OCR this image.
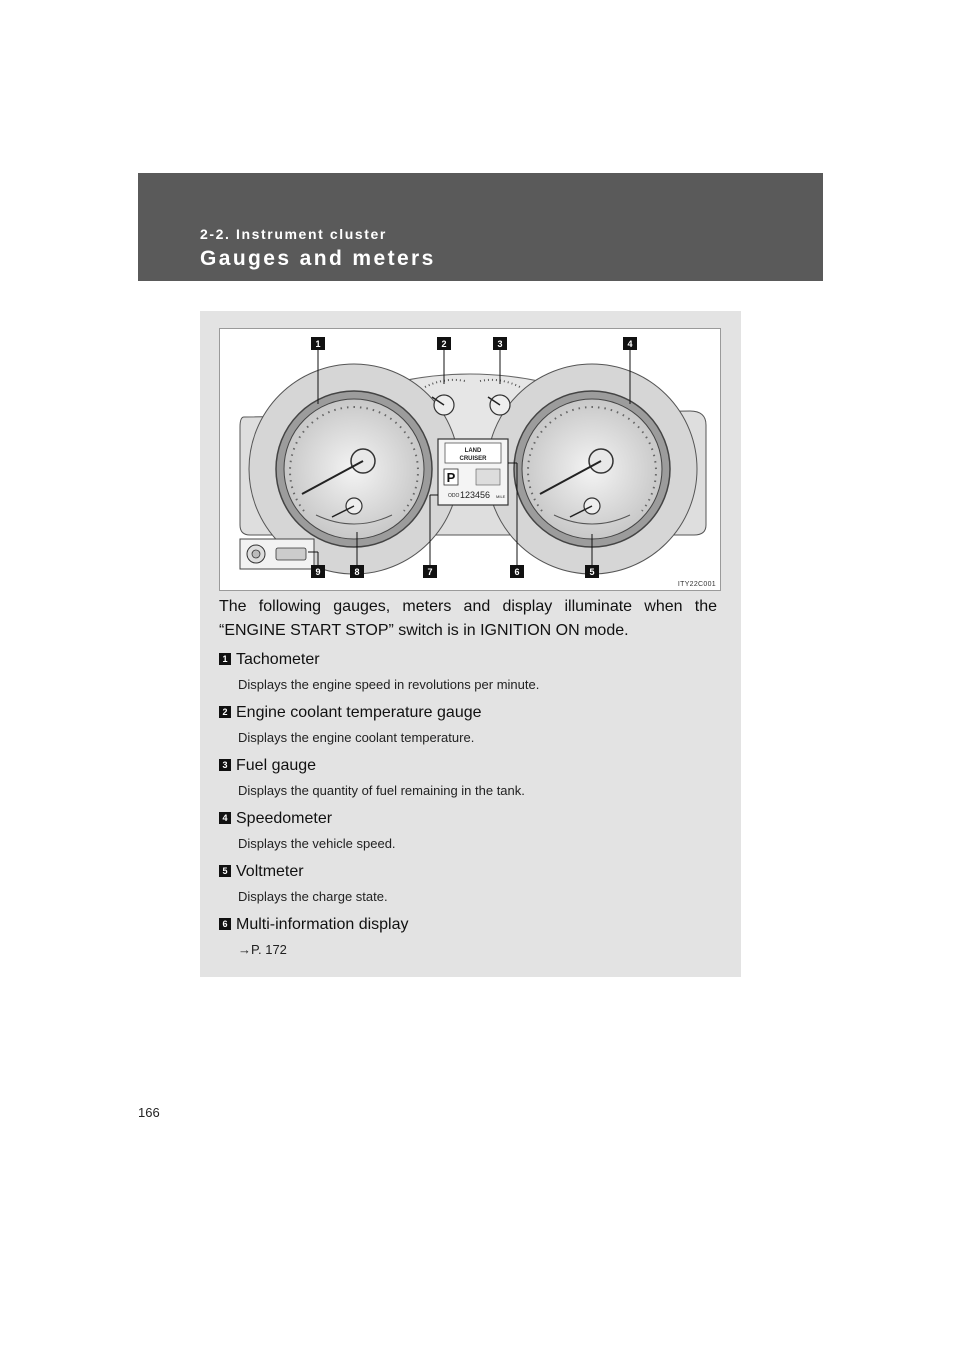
2-2. Instrument cluster
Gauges and meters
LAND
CRUISER
P
ODO 123456 MILE
1	2	3	4
5
6
7
8
9
ITY22C001
The following gauges, meters and display illuminate when the “ENGINE START STOP” switch is in IGNITION ON mode.
1 Tachometer
Displays the engine speed in revolutions per minute.
2 Engine coolant temperature gauge
Displays the engine coolant temperature.
3 Fuel gauge
Displays the quantity of fuel remaining in the tank.
4 Speedometer
Displays the vehicle speed.
5 Voltmeter
Displays the charge state.
6 Multi-information display
→P. 172
166
